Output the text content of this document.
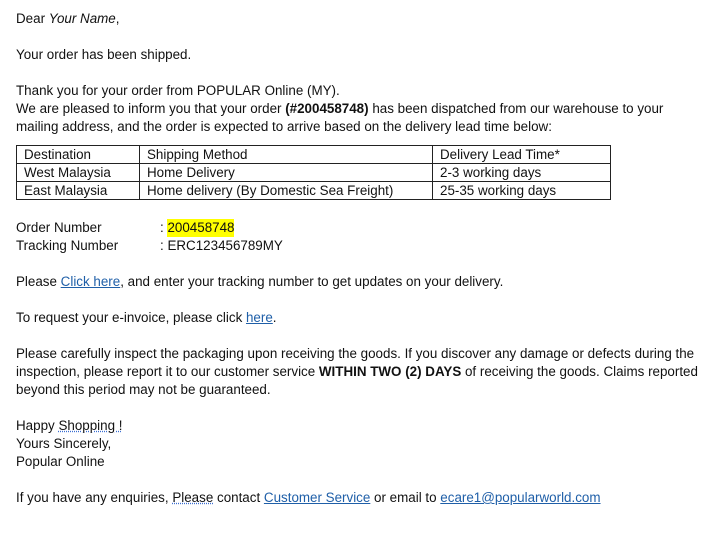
Dear Your Name,

Your order has been shipped.

Thank you for your order from POPULAR Online (MY).

We are pleased to inform you that your order (#200458748) has been dispatched from our warehouse to your mailing address, and the order is expected to arrive based on the delivery lead time below:

Destination	Shipping Method	Delivery Lead Time*
West Malaysia	Home Delivery	2-3 working days
East Malaysia	Home delivery (By Domestic Sea Freight)	25-35 working days
Order Number	: 200458748
Tracking Number	: ERC123456789MY

Please Click here, and enter your tracking number to get updates on your delivery.

To request your e-invoice, please click here.

Please carefully inspect the packaging upon receiving the goods. If you discover any damage or defects during the inspection, please report it to our customer service WITHIN TWO (2) DAYS of receiving the goods. Claims reported beyond this period may not be guaranteed.

Happy Shopping !

Yours Sincerely,

Popular Online

If you have any enquiries, Please contact Customer Service or email to ecare1@popularworld.com
